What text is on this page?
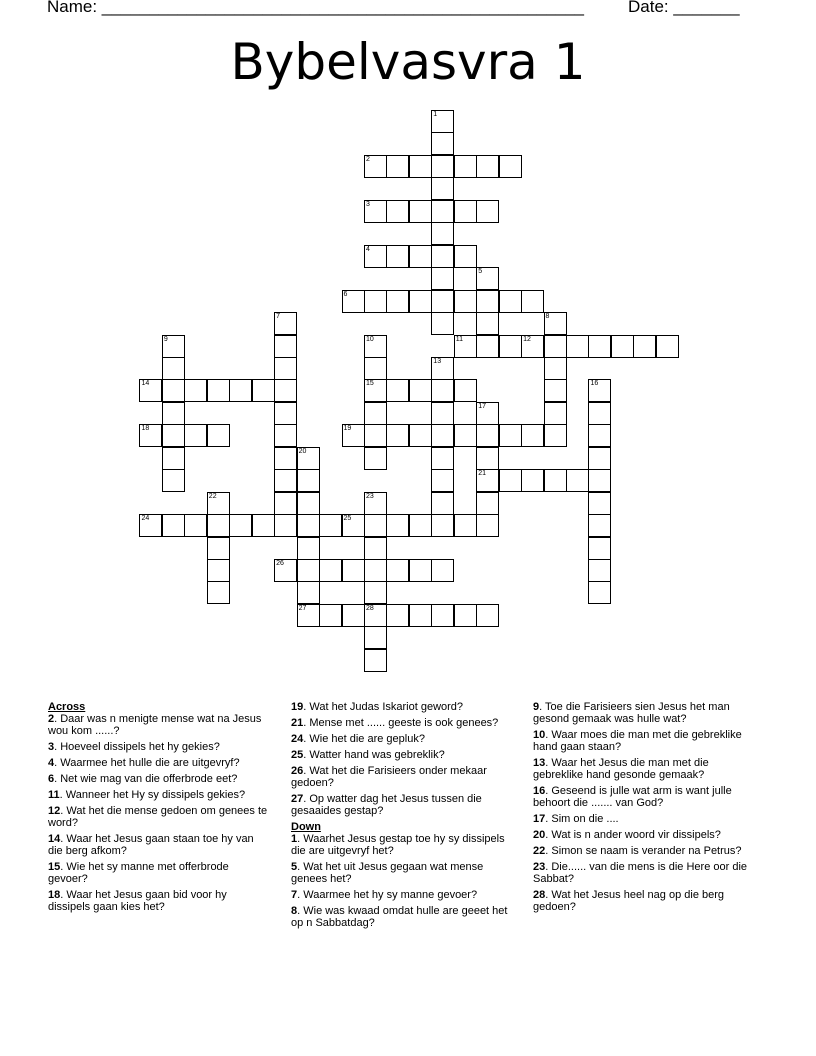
Name: ___________________________________________________	Date: _______
Bybelvasvra 1
1
2
3
4
5
6
7	8
9	10
15
11	12
13
14	16
17
21
18	19
20
27
22	23
24	25
26
28
Across
2. Daar was n menigte mense wat na Jesus wou kom ......?
3. Hoeveel dissipels het hy gekies?
4. Waarmee het hulle die are uitgevryf?
6. Net wie mag van die offerbrode eet?
11. Wanneer het Hy sy dissipels gekies?
12. Wat het die mense gedoen om genees te word?
14. Waar het Jesus gaan staan toe hy van die berg afkom?
15. Wie het sy manne met offerbrode gevoer?
18. Waar het Jesus gaan bid voor hy dissipels gaan kies het?
19. Wat het Judas Iskariot geword?
21. Mense met ...... geeste is ook genees?
24. Wie het die are gepluk?
25. Watter hand was gebreklik?
26. Wat het die Farisieers onder mekaar gedoen?
27. Op watter dag het Jesus tussen die gesaaides gestap?
Down
1. Waarhet Jesus gestap toe hy sy dissipels die are uitgevryf het?
5. Wat het uit Jesus gegaan wat mense genees het?
7. Waarmee het hy sy manne gevoer?
8. Wie was kwaad omdat hulle are geeet het op n Sabbatdag?
9. Toe die Farisieers sien Jesus het man gesond gemaak was hulle wat?
10. Waar moes die man met die gebreklike hand gaan staan?
13. Waar het Jesus die man met die gebreklike hand gesonde gemaak?
16. Geseend is julle wat arm is want julle behoort die ....... van God?
17. Sim on die ....
20. Wat is n ander woord vir dissipels?
22. Simon se naam is verander na Petrus?
23. Die...... van die mens is die Here oor die Sabbat?
28. Wat het Jesus heel nag op die berg gedoen?
